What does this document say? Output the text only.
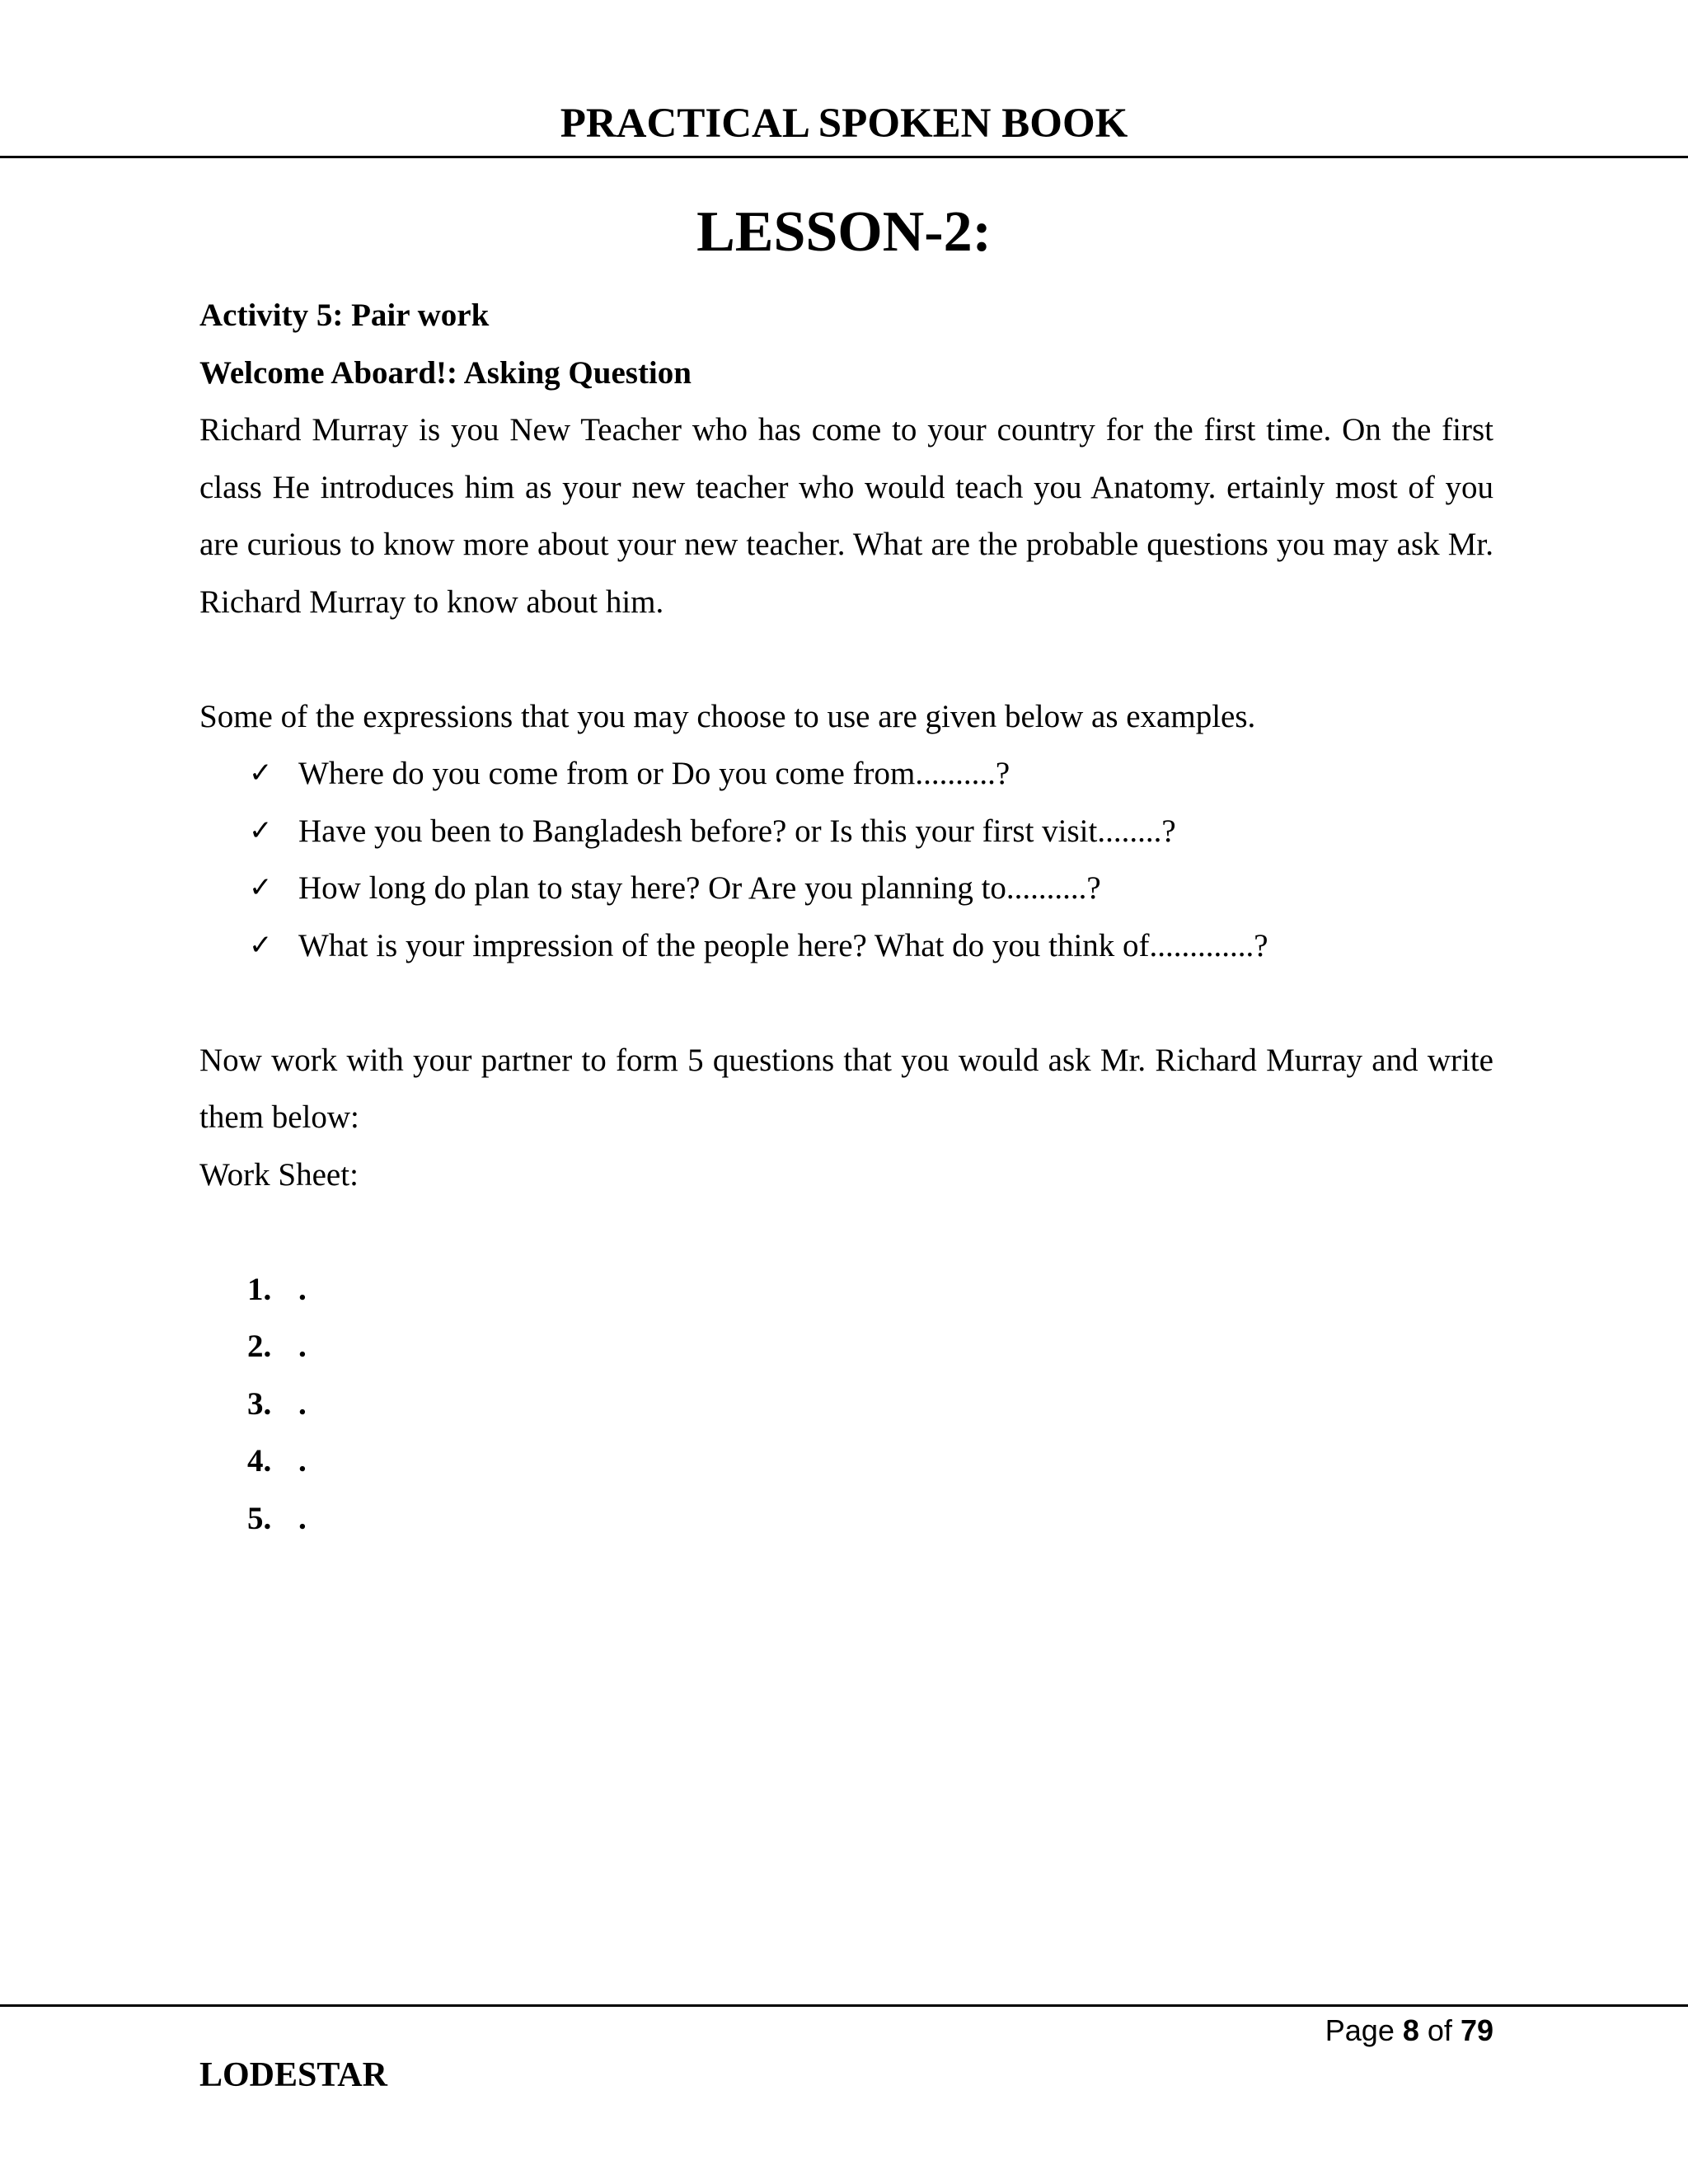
PRACTICAL SPOKEN BOOK
LESSON-2:

Activity 5: Pair work

Welcome Aboard!: Asking Question

Richard Murray is you New Teacher who has come to your country for the first time. On the first class He introduces him as your new teacher who would teach you Anatomy. ertainly most of you are curious to know more about your new teacher. What are the probable questions you may ask Mr. Richard Murray to know about him.

Some of the expressions that you may choose to use are given below as examples.

✓ Where do you come from or Do you come from..........?
✓ Have you been to Bangladesh before? or Is this your first visit........?
✓ How long do plan to stay here? Or Are you planning to..........?
✓ What is your impression of the people here? What do you think of.............?

Now work with your partner to form 5 questions that you would ask Mr. Richard Murray and write them below:

Work Sheet:

1. .
2. .
3. .
4. .
5. .
Page 8 of 79
LODESTAR
